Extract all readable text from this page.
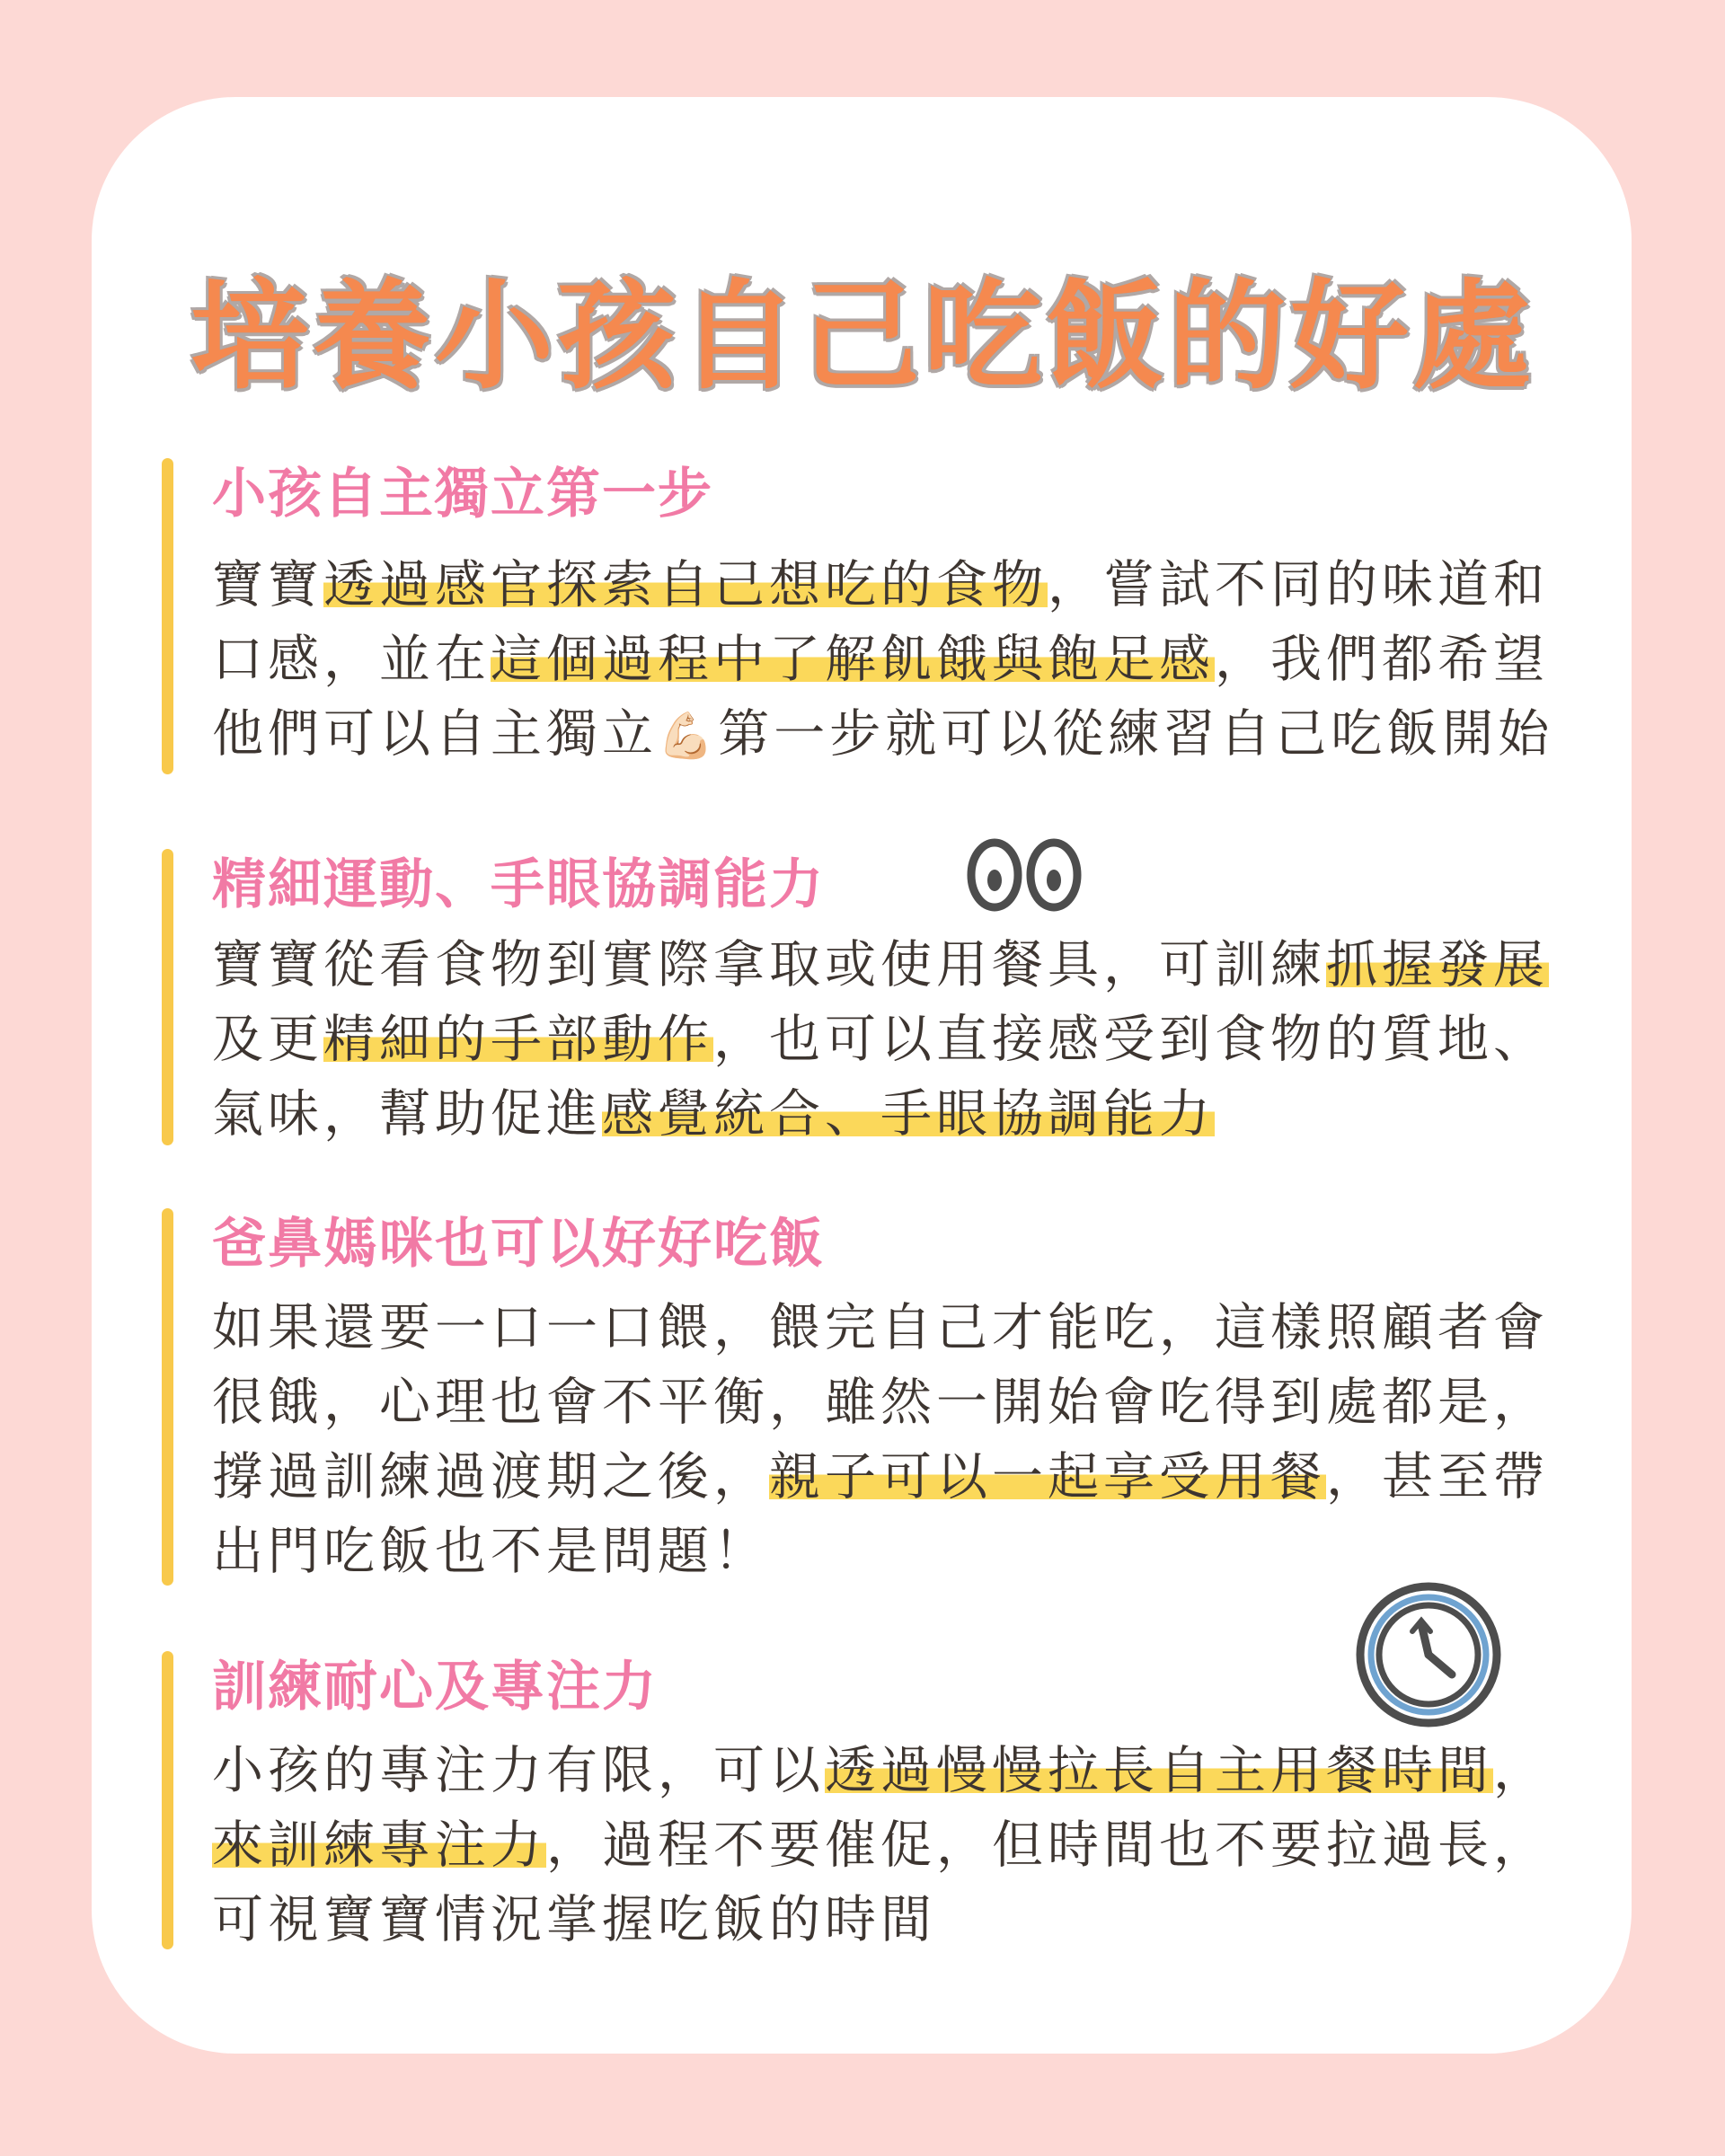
培養小孩自己吃飯的好處
小孩自主獨立第一步
寶寶透過感官探索自己想吃的食物，嘗試不同的味道和
口感，並在這個過程中了解飢餓與飽足感，我們都希望
他們可以自主獨立💪🏻第一步就可以從練習自己吃飯開始
精細運動、手眼協調能力
寶寶從看食物到實際拿取或使用餐具，可訓練抓握發展
及更精細的手部動作，也可以直接感受到食物的質地、
氣味，幫助促進感覺統合、手眼協調能力
爸鼻媽咪也可以好好吃飯
如果還要一口一口餵，餵完自己才能吃，這樣照顧者會
很餓，心理也會不平衡，雖然一開始會吃得到處都是，
撐過訓練過渡期之後，親子可以一起享受用餐，甚至帶
出門吃飯也不是問題！
訓練耐心及專注力
小孩的專注力有限，可以透過慢慢拉長自主用餐時間，
來訓練專注力，過程不要催促，但時間也不要拉過長，
可視寶寶情況掌握吃飯的時間
